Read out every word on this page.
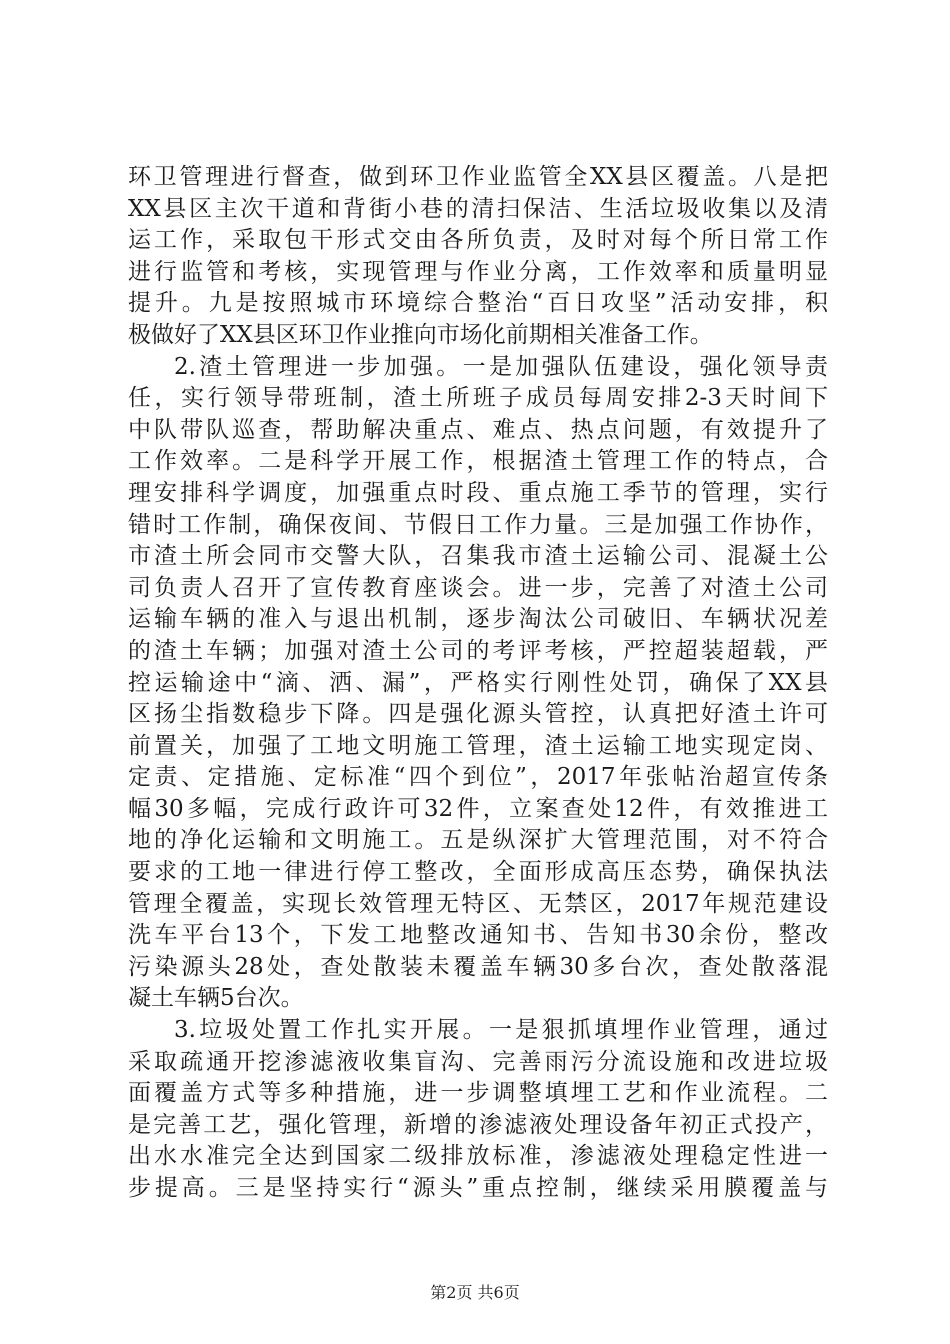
环卫管理进行督查，做到环卫作业监管全XX县区覆盖。八是把
XX县区主次干道和背街小巷的清扫保洁、生活垃圾收集以及清
运工作，采取包干形式交由各所负责，及时对每个所日常工作
进行监管和考核，实现管理与作业分离，工作效率和质量明显
提升。九是按照城市环境综合整治“百日攻坚”活动安排，积
极做好了XX县区环卫作业推向市场化前期相关准备工作。
2.渣土管理进一步加强。一是加强队伍建设，强化领导责
任，实行领导带班制，渣土所班子成员每周安排2-3天时间下
中队带队巡查，帮助解决重点、难点、热点问题，有效提升了
工作效率。二是科学开展工作，根据渣土管理工作的特点，合
理安排科学调度，加强重点时段、重点施工季节的管理，实行
错时工作制，确保夜间、节假日工作力量。三是加强工作协作，
市渣土所会同市交警大队，召集我市渣土运输公司、混凝土公
司负责人召开了宣传教育座谈会。进一步，完善了对渣土公司
运输车辆的准入与退出机制，逐步淘汰公司破旧、车辆状况差
的渣土车辆；加强对渣土公司的考评考核，严控超装超载，严
控运输途中“滴、洒、漏”，严格实行刚性处罚，确保了XX县
区扬尘指数稳步下降。四是强化源头管控，认真把好渣土许可
前置关，加强了工地文明施工管理，渣土运输工地实现定岗、
定责、定措施、定标准“四个到位”，2017年张帖治超宣传条
幅30多幅，完成行政许可32件，立案查处12件，有效推进工
地的净化运输和文明施工。五是纵深扩大管理范围，对不符合
要求的工地一律进行停工整改，全面形成高压态势，确保执法
管理全覆盖，实现长效管理无特区、无禁区，2017年规范建设
洗车平台13个，下发工地整改通知书、告知书30余份，整改
污染源头28处，查处散装未覆盖车辆30多台次，查处散落混
凝土车辆5台次。
3.垃圾处置工作扎实开展。一是狠抓填埋作业管理，通过
采取疏通开挖渗滤液收集盲沟、完善雨污分流设施和改进垃圾
面覆盖方式等多种措施，进一步调整填埋工艺和作业流程。二
是完善工艺，强化管理，新增的渗滤液处理设备年初正式投产，
出水水准完全达到国家二级排放标准，渗滤液处理稳定性进一
步提高。三是坚持实行“源头”重点控制，继续采用膜覆盖与
第2页 共6页
